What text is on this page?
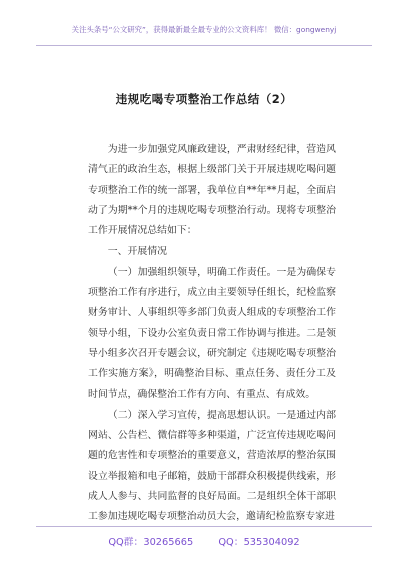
关注头条号“公文研究”，获得最新最全最专业的公文资料库！ 微信：gongwenyj
违规吃喝专项整治工作总结（2）

为进一步加强党风廉政建设，严肃财经纪律，营造风清气正的政治生态，根据上级部门关于开展违规吃喝问题专项整治工作的统一部署，我单位自**年**月起，全面启动了为期**个月的违规吃喝专项整治行动。现将专项整治工作开展情况总结如下：

一、开展情况

（一）加强组织领导，明确工作责任。一是为确保专项整治工作有序进行，成立由主要领导任组长，纪检监察财务审计、人事组织等多部门负责人组成的专项整治工作领导小组，下设办公室负责日常工作协调与推进。二是领导小组多次召开专题会议，研究制定《违规吃喝专项整治工作实施方案》，明确整治目标、重点任务、责任分工及时间节点，确保整治工作有方向、有重点、有成效。

（二）深入学习宣传，提高思想认识。一是通过内部网站、公告栏、微信群等多种渠道，广泛宣传违规吃喝问题的危害性和专项整治的重要意义，营造浓厚的整治氛围设立举报箱和电子邮箱，鼓励干部群众积极提供线索，形成人人参与、共同监督的良好局面。二是组织全体干部职工参加违规吃喝专项整治动员大会，邀请纪检监察专家进

QQ群：30265665	QQ：535304092
